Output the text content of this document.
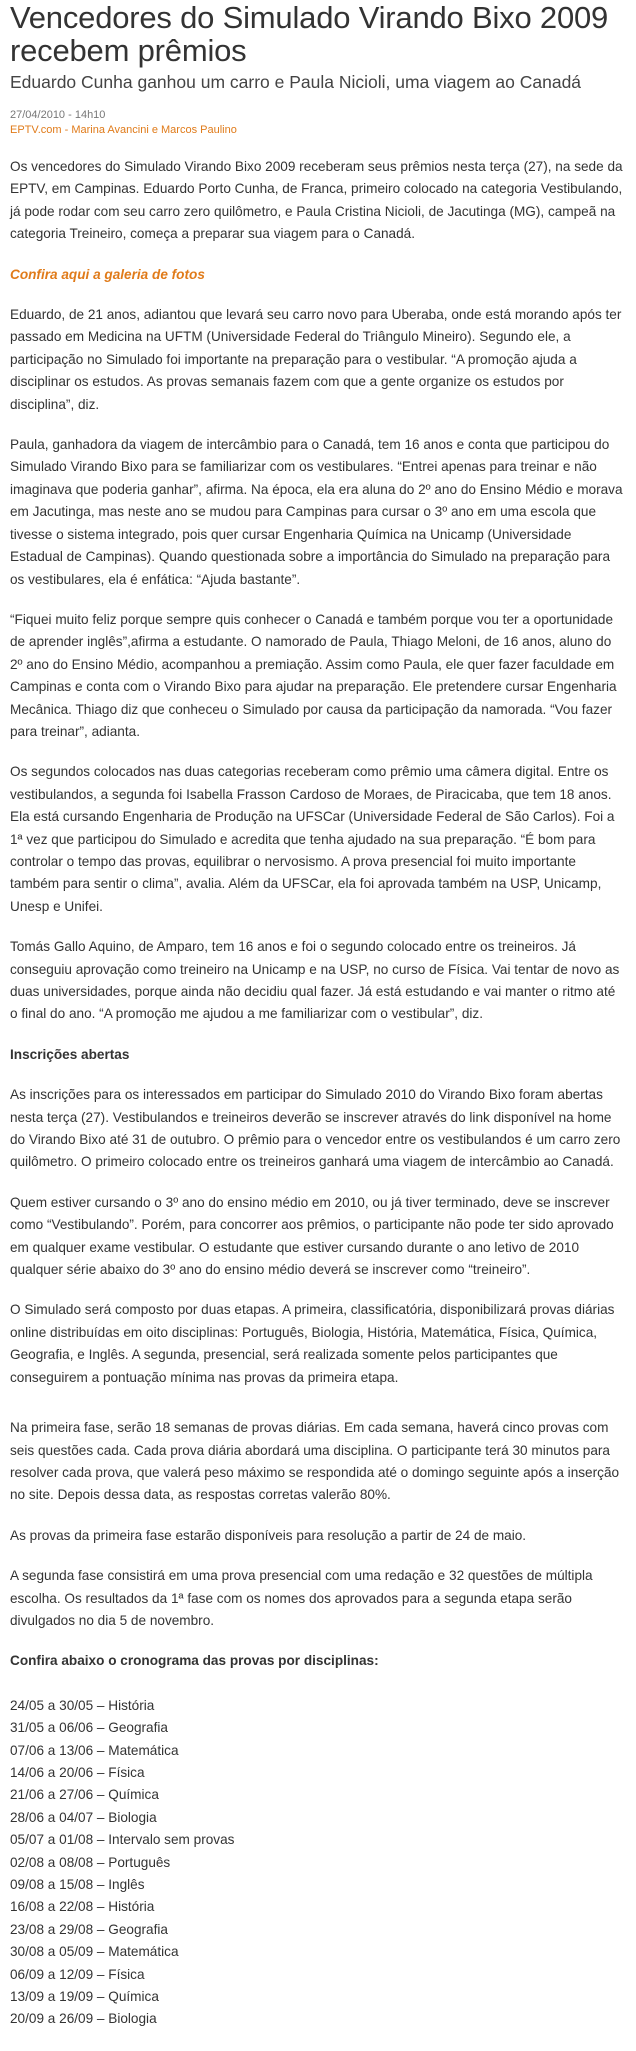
Vencedores do Simulado Virando Bixo 2009 recebem prêmios
Eduardo Cunha ganhou um carro e Paula Nicioli, uma viagem ao Canadá
27/04/2010 - 14h10
EPTV.com - Marina Avancini e Marcos Paulino

Os vencedores do Simulado Virando Bixo 2009 receberam seus prêmios nesta terça (27), na sede da EPTV, em Campinas. Eduardo Porto Cunha, de Franca, primeiro colocado na categoria Vestibulando, já pode rodar com seu carro zero quilômetro, e Paula Cristina Nicioli, de Jacutinga (MG), campeã na categoria Treineiro, começa a preparar sua viagem para o Canadá.

Confira aqui a galeria de fotos

Eduardo, de 21 anos, adiantou que levará seu carro novo para Uberaba, onde está morando após ter passado em Medicina na UFTM (Universidade Federal do Triângulo Mineiro). Segundo ele, a participação no Simulado foi importante na preparação para o vestibular. “A promoção ajuda a disciplinar os estudos. As provas semanais fazem com que a gente organize os estudos por disciplina”, diz.

Paula, ganhadora da viagem de intercâmbio para o Canadá, tem 16 anos e conta que participou do Simulado Virando Bixo para se familiarizar com os vestibulares. “Entrei apenas para treinar e não imaginava que poderia ganhar”, afirma. Na época, ela era aluna do 2º ano do Ensino Médio e morava em Jacutinga, mas neste ano se mudou para Campinas para cursar o 3º ano em uma escola que tivesse o sistema integrado, pois quer cursar Engenharia Química na Unicamp (Universidade Estadual de Campinas). Quando questionada sobre a importância do Simulado na preparação para os vestibulares, ela é enfática: “Ajuda bastante”.

“Fiquei muito feliz porque sempre quis conhecer o Canadá e também porque vou ter a oportunidade de aprender inglês”,afirma a estudante. O namorado de Paula, Thiago Meloni, de 16 anos, aluno do 2º ano do Ensino Médio, acompanhou a premiação. Assim como Paula, ele quer fazer faculdade em Campinas e conta com o Virando Bixo para ajudar na preparação. Ele pretendere cursar Engenharia Mecânica. Thiago diz que conheceu o Simulado por causa da participação da namorada. “Vou fazer para treinar”, adianta.

Os segundos colocados nas duas categorias receberam como prêmio uma câmera digital. Entre os vestibulandos, a segunda foi Isabella Frasson Cardoso de Moraes, de Piracicaba, que tem 18 anos. Ela está cursando Engenharia de Produção na UFSCar (Universidade Federal de São Carlos). Foi a 1ª vez que participou do Simulado e acredita que tenha ajudado na sua preparação. “É bom para controlar o tempo das provas, equilibrar o nervosismo. A prova presencial foi muito importante também para sentir o clima”, avalia. Além da UFSCar, ela foi aprovada também na USP, Unicamp, Unesp e Unifei.

Tomás Gallo Aquino, de Amparo, tem 16 anos e foi o segundo colocado entre os treineiros. Já conseguiu aprovação como treineiro na Unicamp e na USP, no curso de Física. Vai tentar de novo as duas universidades, porque ainda não decidiu qual fazer. Já está estudando e vai manter o ritmo até o final do ano. “A promoção me ajudou a me familiarizar com o vestibular”, diz.

Inscrições abertas

As inscrições para os interessados em participar do Simulado 2010 do Virando Bixo foram abertas nesta terça (27). Vestibulandos e treineiros deverão se inscrever através do link disponível na home do Virando Bixo até 31 de outubro. O prêmio para o vencedor entre os vestibulandos é um carro zero quilômetro. O primeiro colocado entre os treineiros ganhará uma viagem de intercâmbio ao Canadá.

Quem estiver cursando o 3º ano do ensino médio em 2010, ou já tiver terminado, deve se inscrever como “Vestibulando”. Porém, para concorrer aos prêmios, o participante não pode ter sido aprovado em qualquer exame vestibular. O estudante que estiver cursando durante o ano letivo de 2010 qualquer série abaixo do 3º ano do ensino médio deverá se inscrever como “treineiro”.

O Simulado será composto por duas etapas. A primeira, classificatória, disponibilizará provas diárias online distribuídas em oito disciplinas: Português, Biologia, História, Matemática, Física, Química, Geografia, e Inglês. A segunda, presencial, será realizada somente pelos participantes que conseguirem a pontuação mínima nas provas da primeira etapa.

Na primeira fase, serão 18 semanas de provas diárias. Em cada semana, haverá cinco provas com seis questões cada. Cada prova diária abordará uma disciplina. O participante terá 30 minutos para resolver cada prova, que valerá peso máximo se respondida até o domingo seguinte após a inserção no site. Depois dessa data, as respostas corretas valerão 80%.

As provas da primeira fase estarão disponíveis para resolução a partir de 24 de maio.

A segunda fase consistirá em uma prova presencial com uma redação e 32 questões de múltipla escolha. Os resultados da 1ª fase com os nomes dos aprovados para a segunda etapa serão divulgados no dia 5 de novembro.

Confira abaixo o cronograma das provas por disciplinas:
24/05 a 30/05 – História
31/05 a 06/06 – Geografia
07/06 a 13/06 – Matemática
14/06 a 20/06 – Física
21/06 a 27/06 – Química
28/06 a 04/07 – Biologia
05/07 a 01/08 – Intervalo sem provas
02/08 a 08/08 – Português
09/08 a 15/08 – Inglês
16/08 a 22/08 – História
23/08 a 29/08 – Geografia
30/08 a 05/09 – Matemática
06/09 a 12/09 – Física
13/09 a 19/09 – Química
20/09 a 26/09 – Biologia
